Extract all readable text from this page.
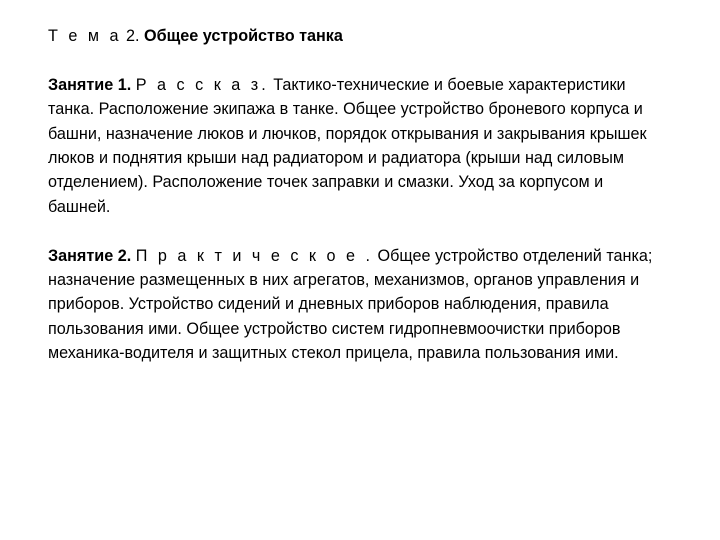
Т е м а 2. Общее устройство танка

Занятие 1. Р а с с к а з. Тактико-технические и боевые характеристики танка. Расположение экипажа в танке. Общее устройство броневого корпуса и башни, назначение люков и лючков, порядок открывания и закрывания крышек люков и поднятия крыши над радиатором и радиатора (крыши над силовым отделением). Расположение точек заправки и смазки. Уход за корпусом и башней.

Занятие 2. П р а к т и ч е с к о е . Общее устройство отделений танка; назначение размещенных в них агрегатов, механизмов, органов управления и приборов. Устройство сидений и дневных приборов наблюдения, правила пользования ими. Общее устройство систем гидропневмоочистки приборов механика-водителя и защитных стекол прицела, правила пользования ими.
